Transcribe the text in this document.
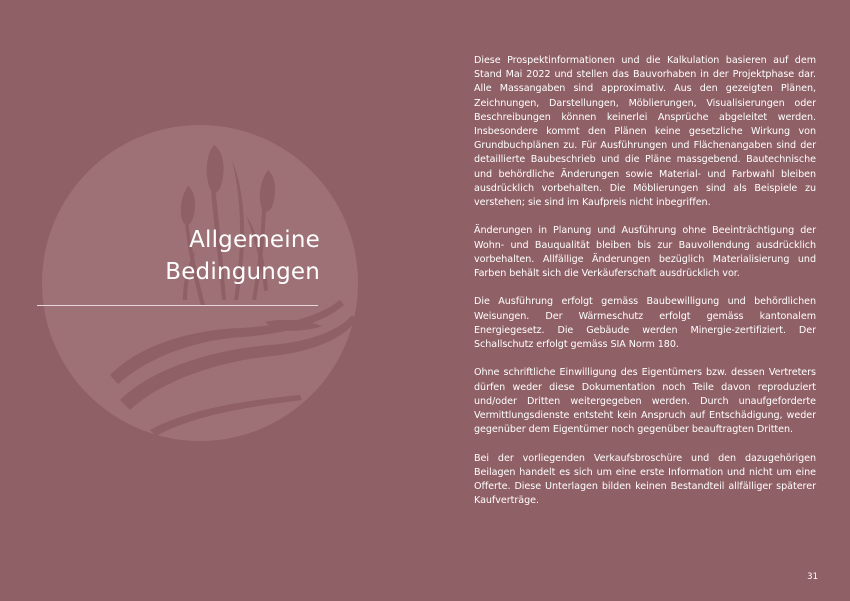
Allgemeine
Bedingungen

Diese Prospektinformationen und die Kalkulation basieren auf dem Stand Mai 2022 und stellen das Bauvorhaben in der Projektphase dar. Alle Massangaben sind approximativ. Aus den gezeigten Plänen, Zeichnungen, Darstellungen, Möblierungen, Visualisierungen oder Beschreibungen können keinerlei Ansprüche abgeleitet werden. Insbesondere kommt den Plänen keine gesetzliche Wirkung von Grundbuchplänen zu. Für Ausführungen und Flächenangaben sind der detaillierte Baubeschrieb und die Pläne massgebend. Bautechnische und behördliche Änderungen sowie Material- und Farbwahl bleiben ausdrücklich vorbehalten. Die Möblierungen sind als Beispiele zu verstehen; sie sind im Kaufpreis nicht inbegriffen.

Änderungen in Planung und Ausführung ohne Beeinträchtigung der Wohn- und Bauqualität bleiben bis zur Bauvollendung ausdrücklich vorbehalten. Allfällige Änderungen bezüglich Materialisierung und Farben behält sich die Verkäuferschaft ausdrücklich vor.

Die Ausführung erfolgt gemäss Baubewilligung und behördlichen Weisungen. Der Wärmeschutz erfolgt gemäss kantonalem Energiegesetz. Die Gebäude werden Minergie-zertifiziert. Der Schallschutz erfolgt gemäss SIA Norm 180.

Ohne schriftliche Einwilligung des Eigentümers bzw. dessen Vertreters dürfen weder diese Dokumentation noch Teile davon reproduziert und/oder Dritten weitergegeben werden. Durch unaufgeforderte Vermittlungsdienste entsteht kein Anspruch auf Entschädigung, weder gegenüber dem Eigentümer noch gegenüber beauftragten Dritten.

Bei der vorliegenden Verkaufsbroschüre und den dazugehörigen Beilagen handelt es sich um eine erste Information und nicht um eine Offerte. Diese Unterlagen bilden keinen Bestandteil allfälliger späterer Kaufverträge.

31
